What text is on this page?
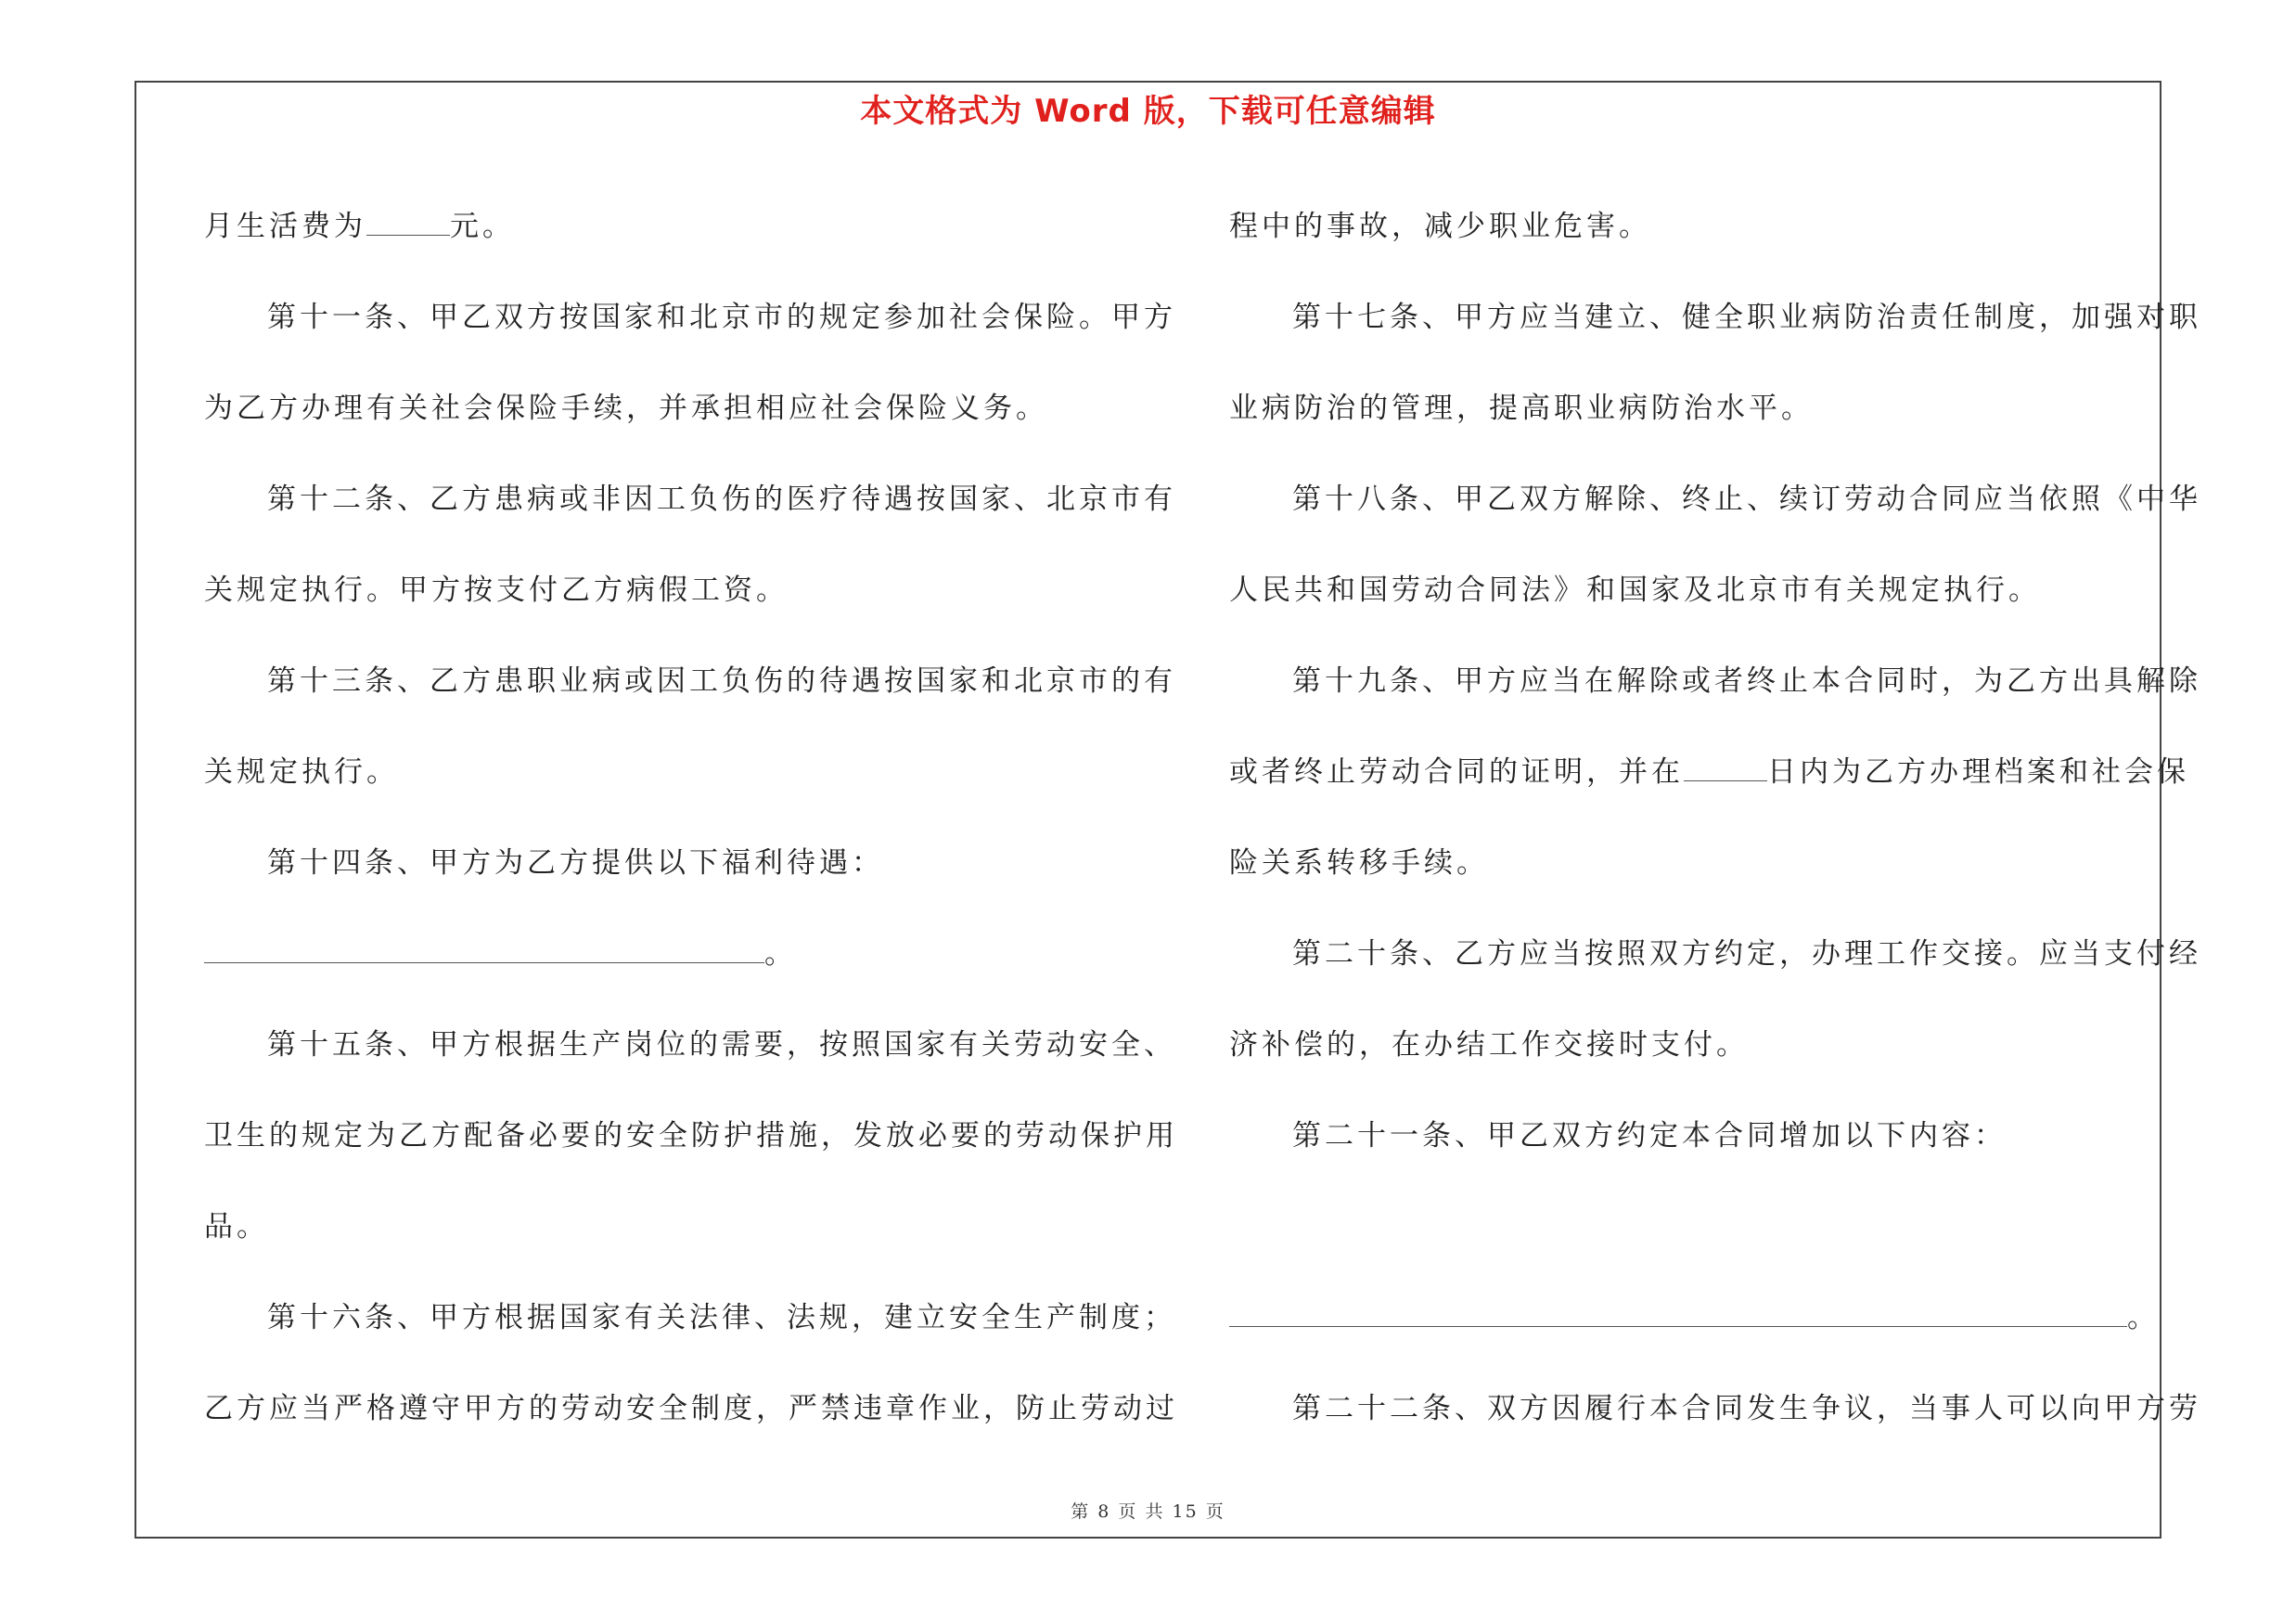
本文格式为 Word 版，下载可任意编辑

月生活费为	元。

第十一条、甲乙双方按国家和北京市的规定参加社会保险。甲方

为乙方办理有关社会保险手续，并承担相应社会保险义务。

第十二条、乙方患病或非因工负伤的医疗待遇按国家、北京市有

关规定执行。甲方按支付乙方病假工资。

第十三条、乙方患职业病或因工负伤的待遇按国家和北京市的有

关规定执行。

第十四条、甲方为乙方提供以下福利待遇：

。

第十五条、甲方根据生产岗位的需要，按照国家有关劳动安全、

卫生的规定为乙方配备必要的安全防护措施，发放必要的劳动保护用

品。

第十六条、甲方根据国家有关法律、法规，建立安全生产制度；

乙方应当严格遵守甲方的劳动安全制度，严禁违章作业，防止劳动过

程中的事故，减少职业危害。

第十七条、甲方应当建立、健全职业病防治责任制度，加强对职

业病防治的管理，提高职业病防治水平。

第十八条、甲乙双方解除、终止、续订劳动合同应当依照《中华

人民共和国劳动合同法》和国家及北京市有关规定执行。

第十九条、甲方应当在解除或者终止本合同时，为乙方出具解除

或者终止劳动合同的证明，并在	日内为乙方办理档案和社会保

险关系转移手续。

第二十条、乙方应当按照双方约定，办理工作交接。应当支付经

济补偿的，在办结工作交接时支付。

第二十一条、甲乙双方约定本合同增加以下内容：

。

第二十二条、双方因履行本合同发生争议，当事人可以向甲方劳

第 8 页 共 15 页
